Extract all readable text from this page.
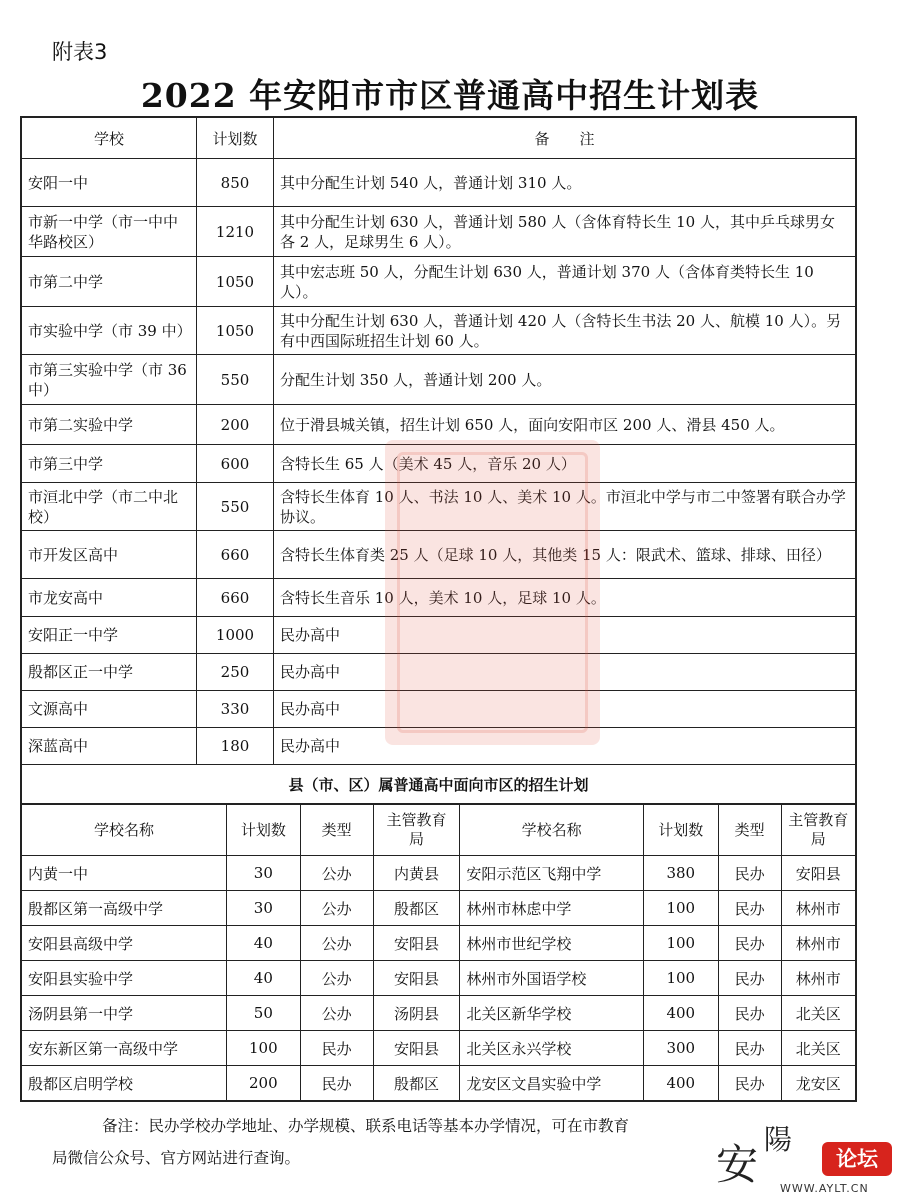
附表3
2022 年安阳市市区普通高中招生计划表
学校	计划数	备　　注
安阳一中	850	其中分配生计划 540 人，普通计划 310 人。
市新一中学（市一中中华路校区）	1210	其中分配生计划 630 人，普通计划 580 人（含体育特长生 10 人，其中乒乓球男女各 2 人，足球男生 6 人）。
市第二中学	1050	其中宏志班 50 人，分配生计划 630 人，普通计划 370 人（含体育类特长生 10 人）。
市实验中学（市 39 中）	1050	其中分配生计划 630 人，普通计划 420 人（含特长生书法 20 人、航模 10 人）。另有中西国际班招生计划 60 人。
市第三实验中学（市 36 中）	550	分配生计划 350 人，普通计划 200 人。
市第二实验中学	200	位于滑县城关镇，招生计划 650 人，面向安阳市区 200 人、滑县 450 人。
市第三中学	600	含特长生 65 人（美术 45 人，音乐 20 人）
市洹北中学（市二中北校）	550	含特长生体育 10 人、书法 10 人、美术 10 人。市洹北中学与市二中签署有联合办学协议。
市开发区高中	660	含特长生体育类 25 人（足球 10 人，其他类 15 人：限武术、篮球、排球、田径）
市龙安高中	660	含特长生音乐 10 人，美术 10 人，足球 10 人。
安阳正一中学	1000	民办高中
殷都区正一中学	250	民办高中
文源高中	330	民办高中
深蓝高中	180	民办高中
县（市、区）属普通高中面向市区的招生计划		
学校名称	计划数	类型	主管教育局	学校名称	计划数	类型	主管教育局
内黄一中	30	公办	内黄县	安阳示范区飞翔中学	380	民办	安阳县
殷都区第一高级中学	30	公办	殷都区	林州市林虑中学	100	民办	林州市
安阳县高级中学	40	公办	安阳县	林州市世纪学校	100	民办	林州市
安阳县实验中学	40	公办	安阳县	林州市外国语学校	100	民办	林州市
汤阴县第一中学	50	公办	汤阴县	北关区新华学校	400	民办	北关区
安东新区第一高级中学	100	民办	安阳县	北关区永兴学校	300	民办	北关区
殷都区启明学校	200	民办	殷都区	龙安区文昌实验中学	400	民办	龙安区
备注：民办学校办学地址、办学规模、联系电话等基本办学情况，可在市教育
局微信公众号、官方网站进行查询。	安
陽
论坛
WWW.AYLT.CN
